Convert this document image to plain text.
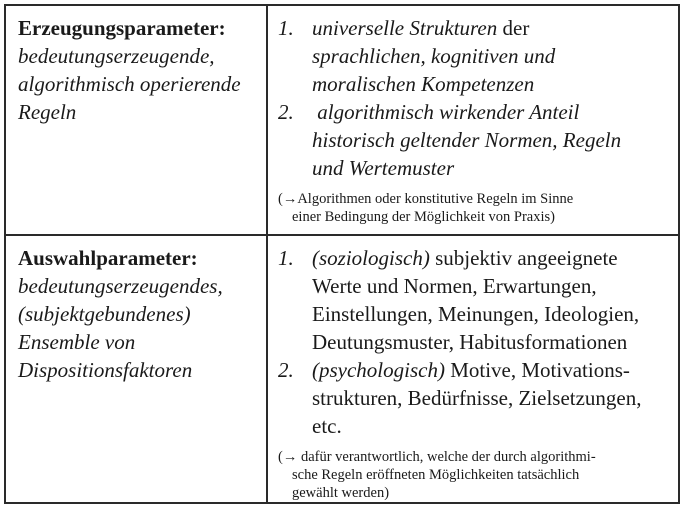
Erzeugungsparameter:
bedeutungserzeugende,
algorithmisch operierende
Regeln
1. universelle Strukturen der
sprachlichen, kognitiven und
moralischen Kompetenzen
2. algorithmisch wirkender Anteil
historisch geltender Normen, Regeln
und Wertemuster
(→Algorithmen oder konstitutive Regeln im Sinne
einer Bedingung der Möglichkeit von Praxis)
Auswahlparameter:
bedeutungserzeugendes,
(subjektgebundenes)
Ensemble von
Dispositionsfaktoren
1. (soziologisch) subjektiv angeeignete
Werte und Normen, Erwartungen,
Einstellungen, Meinungen, Ideologien,
Deutungsmuster, Habitusformationen
2. (psychologisch) Motive, Motivations-
strukturen, Bedürfnisse, Zielsetzungen,
etc.
(→ dafür verantwortlich, welche der durch algorithmi-
sche Regeln eröffneten Möglichkeiten tatsächlich
gewählt werden)
